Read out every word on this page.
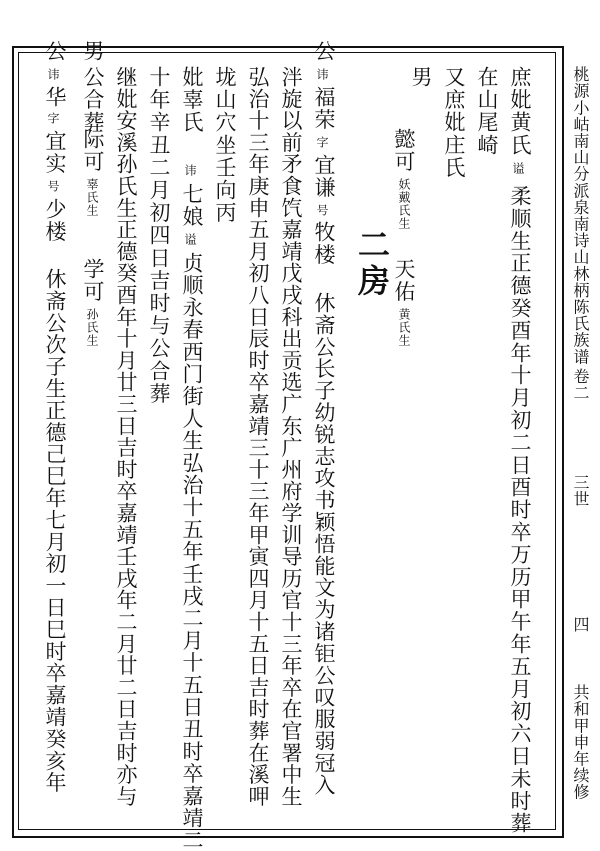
桃源小岵南山分派泉南诗山林柄陈氏族谱
卷二
三世
四
共和甲申年续修
庶妣黄氏
谥
柔顺生正德癸酉年十月初二日酉时卒万历甲午年五月初六日未时葬
在山尾崎
又庶妣庄氏
男
懿可
妖戴氏生
天佑
黄氏生
二房
公
讳
福荣
字
宜谦
号
牧楼
休斋公长子幼锐志攻书颖悟能文为诸钜公叹服弱冠入
泮旋以前矛食饩嘉靖戊戌科出贡选广东广州府学训导历官十三年卒在官署中生
弘治十三年庚申五月初八日辰时卒嘉靖三十三年甲寅四月十五日吉时葬在溪呷
垅山穴坐壬向丙
妣辜氏
讳
七娘
谥
贞顺永春西门街人生弘治十五年壬戌二月十五日丑时卒嘉靖二
十年辛丑二月初四日吉时与公合葬
继妣安溪孙氏生正德癸酉年十月廿三日吉时卒嘉靖壬戌年二月廿二日吉时亦与
公合葬
男
际可
辜氏生
学可
孙氏生
公
讳
华
字
宜实
号
少楼
休斋公次子生正德己巳年七月初一日巳时卒嘉靖癸亥年
